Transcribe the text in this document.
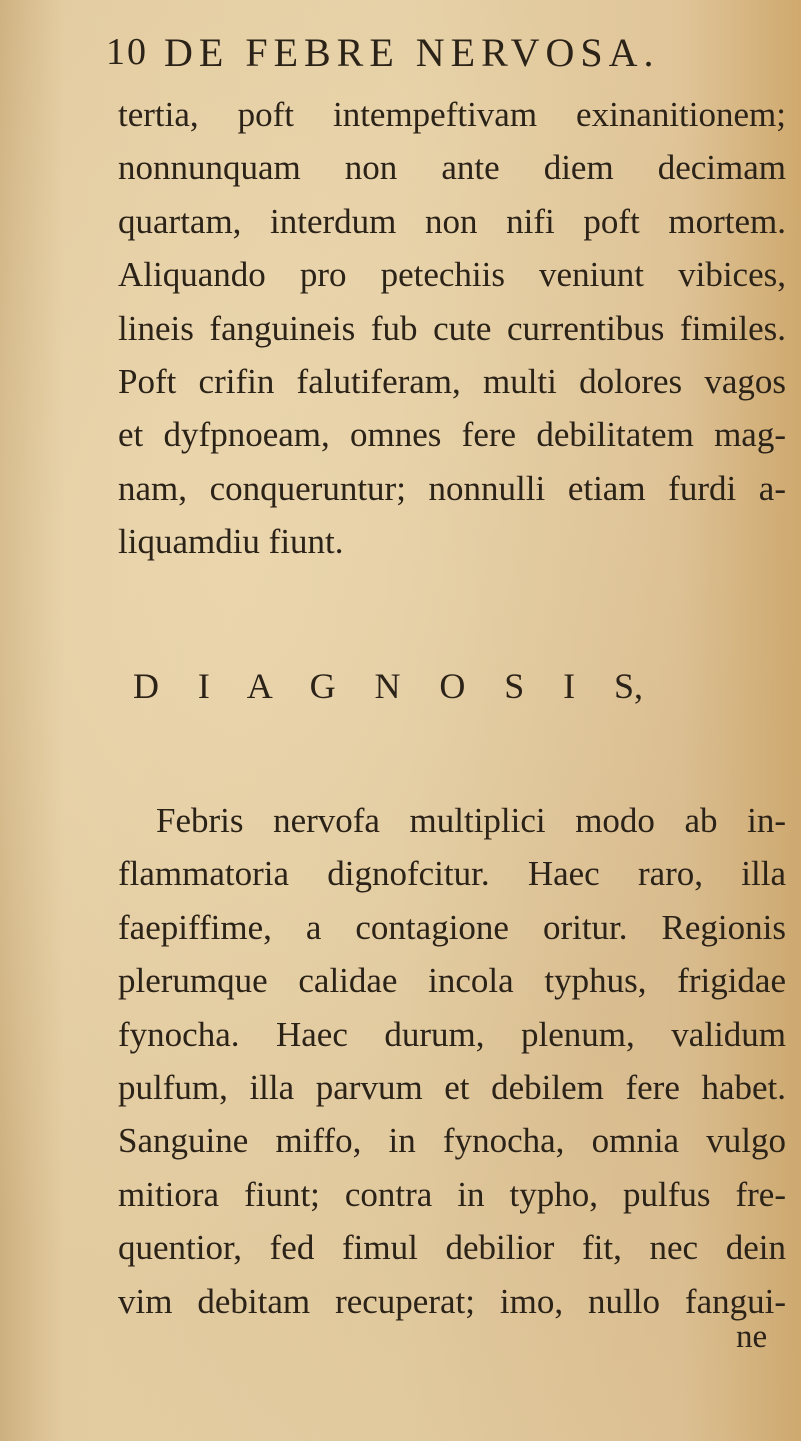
10 DE FEBRE NERVOSA.
tertia, poft intempeftivam exinanitionem;
nonnunquam non ante diem decimam
quartam, interdum non nifi poft mortem.
Aliquando pro petechiis veniunt vibices,
lineis fanguineis fub cute currentibus fimiles.
Poft crifin falutiferam, multi dolores vagos
et dyfpnoeam, omnes fere debilitatem mag-
nam, conqueruntur; nonnulli etiam furdi a-
liquamdiu fiunt.
D I A G N O S I S,
Febris nervofa multiplici modo ab in-
flammatoria dignofcitur. Haec raro, illa
faepiffime, a contagione oritur. Regionis
plerumque calidae incola typhus, frigidae
fynocha. Haec durum, plenum, validum
pulfum, illa parvum et debilem fere habet.
Sanguine miffo, in fynocha, omnia vulgo
mitiora fiunt; contra in typho, pulfus fre-
quentior, fed fimul debilior fit, nec dein
vim debitam recuperat; imo, nullo fangui-
ne
